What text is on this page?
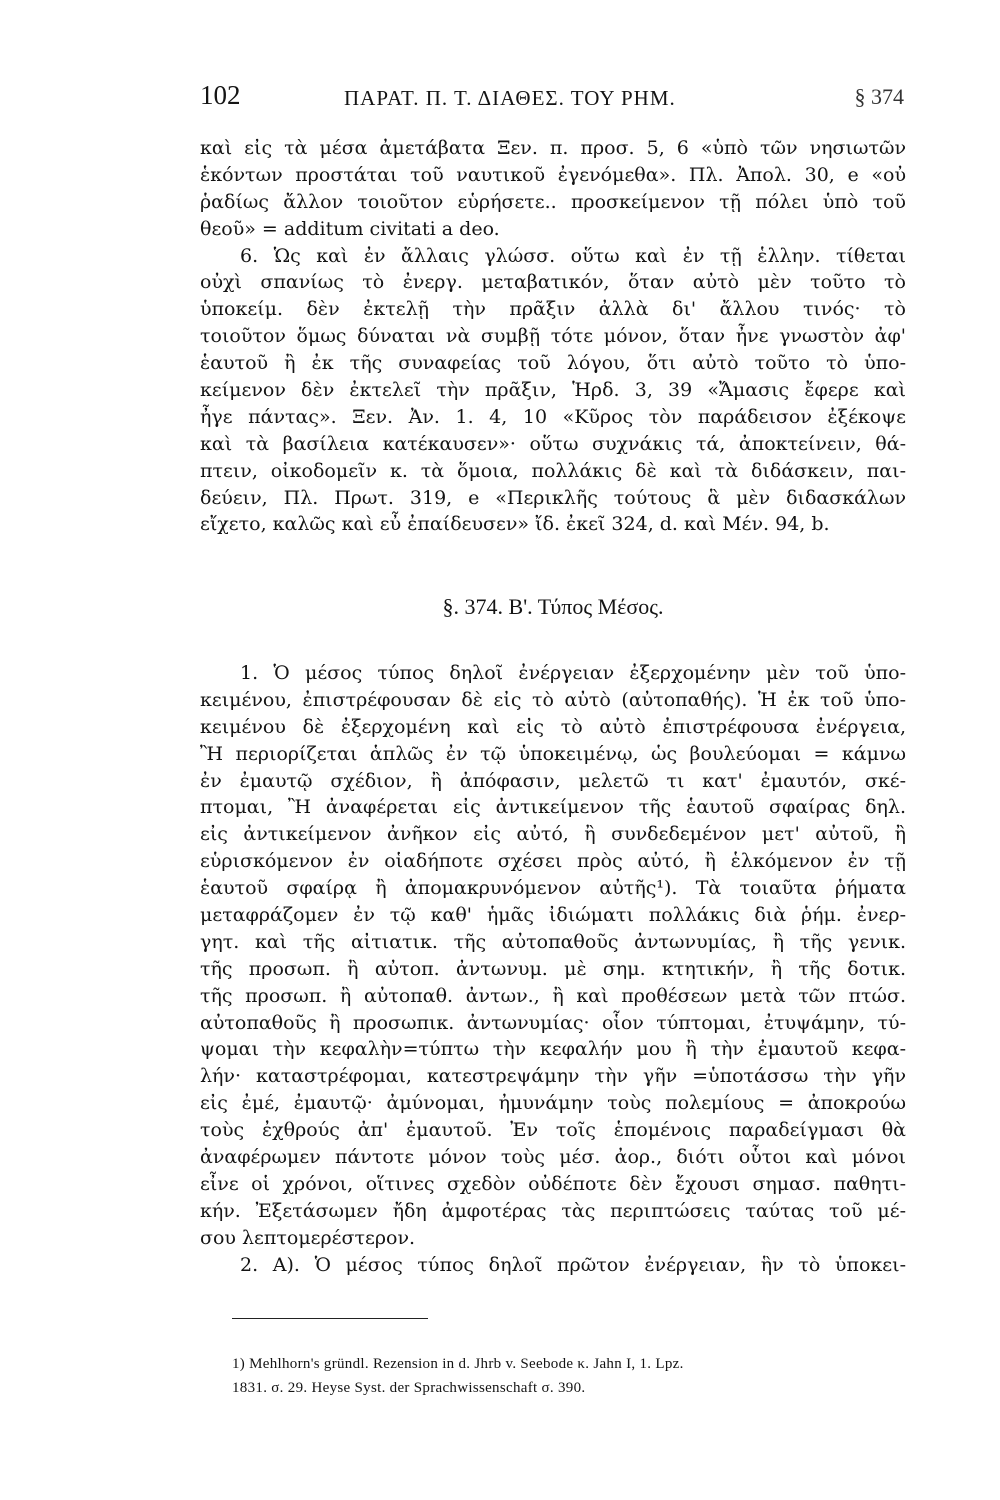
102	ΠΑΡΑΤ. Π. Τ. ΔΙΑΘΕΣ. ΤΟΥ ΡΗΜ.	§ 374
καὶ εἰς τὰ μέσα ἀμετάβατα Ξεν. π. προσ. 5, 6 «ὑπὸ τῶν νησιωτῶν
ἑκόντων προστάται τοῦ ναυτικοῦ ἐγενόμεθα». Πλ. Ἀπολ. 30, e «οὐ
ῥαδίως ἄλλον τοιοῦτον εὑρήσετε.. προσκείμενον τῇ πόλει ὑπὸ τοῦ
θεοῦ» = additum civitati a deo.
6. Ὡς καὶ ἐν ἄλλαις γλώσσ. οὕτω καὶ ἐν τῇ ἑλλην. τίθεται
οὐχὶ σπανίως τὸ ἐνεργ. μεταβατικόν, ὅταν αὐτὸ μὲν τοῦτο τὸ
ὑποκείμ. δὲν ἐκτελῇ τὴν πρᾶξιν ἀλλὰ δι' ἄλλου τινός· τὸ
τοιοῦτον ὅμως δύναται νὰ συμβῇ τότε μόνον, ὅταν ἦνε γνωστὸν ἀφ'
ἑαυτοῦ ἢ ἐκ τῆς συναφείας τοῦ λόγου, ὅτι αὐτὸ τοῦτο τὸ ὑπο-
κείμενον δὲν ἐκτελεῖ τὴν πρᾶξιν, Ἡρδ. 3, 39 «Ἄμασις ἔφερε καὶ
ἦγε πάντας». Ξεν. Ἀν. 1. 4, 10 «Κῦρος τὸν παράδεισον ἐξέκοψε
καὶ τὰ βασίλεια κατέκαυσεν»· οὕτω συχνάκις τά, ἀποκτείνειν, θά-
πτειν, οἰκοδομεῖν κ. τὰ ὅμοια, πολλάκις δὲ καὶ τὰ διδάσκειν, παι-
δεύειν, Πλ. Πρωτ. 319, e «Περικλῆς τούτους ἃ μὲν διδασκάλων
εἴχετο, καλῶς καὶ εὖ ἐπαίδευσεν» ἴδ. ἐκεῖ 324, d. καὶ Μέν. 94, b.
§. 374. Β'. Τύπος Μέσος.
1. Ὁ μέσος τύπος δηλοῖ ἐνέργειαν ἐξερχομένην μὲν τοῦ ὑπο-
κειμένου, ἐπιστρέφουσαν δὲ εἰς τὸ αὐτὸ (αὐτοπαθής). Ἡ ἐκ τοῦ ὑπο-
κειμένου δὲ ἐξερχομένη καὶ εἰς τὸ αὐτὸ ἐπιστρέφουσα ἐνέργεια,
Ἢ περιορίζεται ἁπλῶς ἐν τῷ ὑποκειμένῳ, ὡς βουλεύομαι = κάμνω
ἐν ἐμαυτῷ σχέδιον, ἢ ἀπόφασιν, μελετῶ τι κατ' ἐμαυτόν, σκέ-
πτομαι, Ἢ ἀναφέρεται εἰς ἀντικείμενον τῆς ἑαυτοῦ σφαίρας δηλ.
εἰς ἀντικείμενον ἀνῆκον εἰς αὐτό, ἢ συνδεδεμένον μετ' αὐτοῦ, ἢ
εὑρισκόμενον ἐν οἱαδήποτε σχέσει πρὸς αὐτό, ἢ ἑλκόμενον ἐν τῇ
ἑαυτοῦ σφαίρᾳ ἢ ἀπομακρυνόμενον αὐτῆς¹). Τὰ τοιαῦτα ῥήματα
μεταφράζομεν ἐν τῷ καθ' ἡμᾶς ἰδιώματι πολλάκις διὰ ῥήμ. ἐνερ-
γητ. καὶ τῆς αἰτιατικ. τῆς αὐτοπαθοῦς ἀντωνυμίας, ἢ τῆς γενικ.
τῆς προσωπ. ἢ αὐτοπ. ἀντωνυμ. μὲ σημ. κτητικήν, ἢ τῆς δοτικ.
τῆς προσωπ. ἢ αὐτοπαθ. ἀντων., ἢ καὶ προθέσεων μετὰ τῶν πτώσ.
αὐτοπαθοῦς ἢ προσωπικ. ἀντωνυμίας· οἷον τύπτομαι, ἐτυψάμην, τύ-
ψομαι τὴν κεφαλὴν=τύπτω τὴν κεφαλήν μου ἢ τὴν ἐμαυτοῦ κεφα-
λήν· καταστρέφομαι, κατεστρεψάμην τὴν γῆν =ὑποτάσσω τὴν γῆν
εἰς ἐμέ, ἐμαυτῷ· ἀμύνομαι, ἠμυνάμην τοὺς πολεμίους = ἀποκρούω
τοὺς ἐχθρούς ἀπ' ἐμαυτοῦ. Ἐν τοῖς ἑπομένοις παραδείγμασι θὰ
ἀναφέρωμεν πάντοτε μόνον τοὺς μέσ. ἀορ., διότι οὗτοι καὶ μόνοι
εἶνε οἱ χρόνοι, οἵτινες σχεδὸν οὐδέποτε δὲν ἔχουσι σημασ. παθητι-
κήν. Ἐξετάσωμεν ἤδη ἀμφοτέρας τὰς περιπτώσεις ταύτας τοῦ μέ-
σου λεπτομερέστερον.
2. Α). Ὁ μέσος τύπος δηλοῖ πρῶτον ἐνέργειαν, ἣν τὸ ὑποκει-
1) Mehlhorn's gründl. Rezension in d. Jhrb v. Seebode κ. Jahn I, 1. Lpz.
1831. σ. 29. Heyse Syst. der Sprachwissenschaft σ. 390.
